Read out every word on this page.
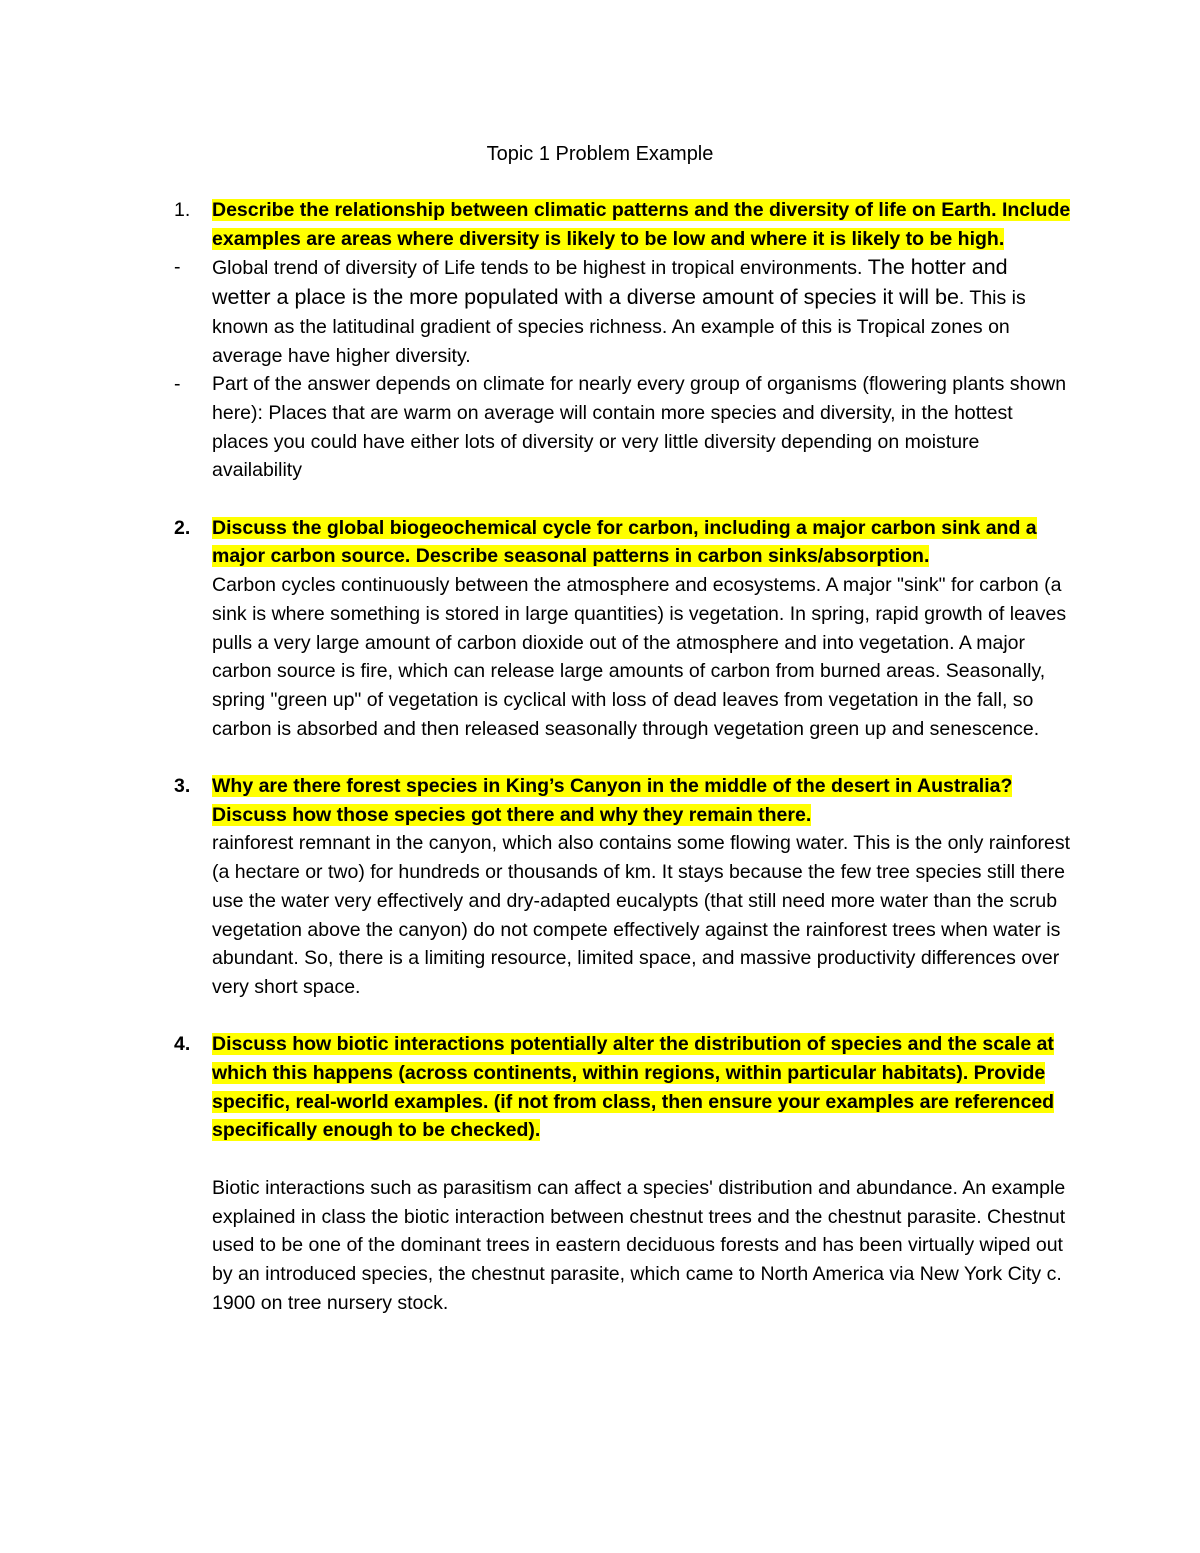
Topic 1 Problem Example
1. Describe the relationship between climatic patterns and the diversity of life on Earth. Include examples are areas where diversity is likely to be low and where it is likely to be high.
- Global trend of diversity of Life tends to be highest in tropical environments. The hotter and wetter a place is the more populated with a diverse amount of species it will be. This is known as the latitudinal gradient of species richness. An example of this is Tropical zones on average have higher diversity.
- Part of the answer depends on climate for nearly every group of organisms (flowering plants shown here): Places that are warm on average will contain more species and diversity, in the hottest places you could have either lots of diversity or very little diversity depending on moisture availability
2. Discuss the global biogeochemical cycle for carbon, including a major carbon sink and a major carbon source. Describe seasonal patterns in carbon sinks/absorption.

Carbon cycles continuously between the atmosphere and ecosystems. A major "sink" for carbon (a sink is where something is stored in large quantities) is vegetation. In spring, rapid growth of leaves pulls a very large amount of carbon dioxide out of the atmosphere and into vegetation. A major carbon source is fire, which can release large amounts of carbon from burned areas. Seasonally, spring "green up" of vegetation is cyclical with loss of dead leaves from vegetation in the fall, so carbon is absorbed and then released seasonally through vegetation green up and senescence.

3. Why are there forest species in King’s Canyon in the middle of the desert in Australia? Discuss how those species got there and why they remain there.

rainforest remnant in the canyon, which also contains some flowing water. This is the only rainforest (a hectare or two) for hundreds or thousands of km. It stays because the few tree species still there use the water very effectively and dry-adapted eucalypts (that still need more water than the scrub vegetation above the canyon) do not compete effectively against the rainforest trees when water is abundant. So, there is a limiting resource, limited space, and massive productivity differences over very short space.

4. Discuss how biotic interactions potentially alter the distribution of species and the scale at which this happens (across continents, within regions, within particular habitats). Provide specific, real-world examples. (if not from class, then ensure your examples are referenced specifically enough to be checked).

Biotic interactions such as parasitism can affect a species' distribution and abundance. An example explained in class the biotic interaction between chestnut trees and the chestnut parasite. Chestnut used to be one of the dominant trees in eastern deciduous forests and has been virtually wiped out by an introduced species, the chestnut parasite, which came to North America via New York City c. 1900 on tree nursery stock.
